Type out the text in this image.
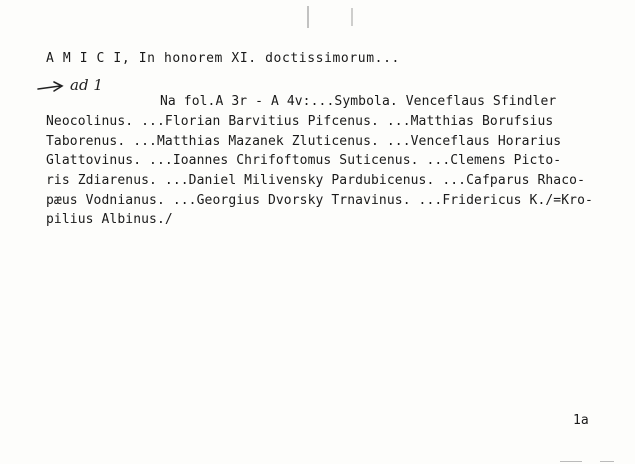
A M I C I, In honorem XI. doctissimorum...
ad 1
Na fol.A 3r - A 4v:...Symbola. Venceflaus Sfindler
Neocolinus. ...Florian Barvitius Pifcenus. ...Matthias Borufsius
Taborenus. ...Matthias Mazanek Zluticenus. ...Venceflaus Horarius
Glattovinus. ...Ioannes Chrifoftomus Suticenus. ...Clemens Picto-
ris Zdiarenus. ...Daniel Milivensky Pardubicenus. ...Cafparus Rhaco-
pæus Vodnianus. ...Georgius Dvorsky Trnavinus. ...Fridericus K./=Kro-
pilius Albinus./
1a
